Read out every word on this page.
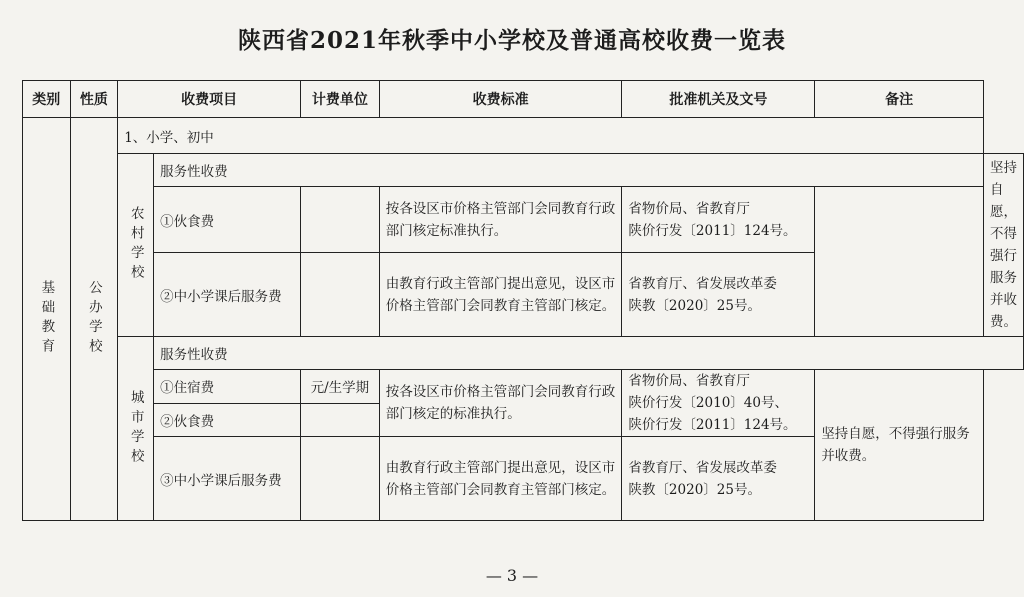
陕西省2021年秋季中小学校及普通高校收费一览表
类别	性质	收费项目		计费单位	收费标准	批准机关及文号	备注	
基础教育	公办学校	1、小学、初中						
		农村学校	服务性收费					坚持自愿，不得强行服务并收费。
			①伙食费		按各设区市价格主管部门会同教育行政部门核定标准执行。	省物价局、省教育厅
陕价行发〔2011〕124号。		
			②中小学课后服务费		由教育行政主管部门提出意见，设区市价格主管部门会同教育主管部门核定。	省教育厅、省发展改革委
陕教〔2020〕25号。		
		城市学校	服务性收费					
			①住宿费	元/生学期	按各设区市价格主管部门会同教育行政部门核定的标准执行。	省物价局、省教育厅
陕价行发〔2010〕40号、
陕价行发〔2011〕124号。	坚持自愿，不得强行服务并收费。	
			②伙食费					
			③中小学课后服务费		由教育行政主管部门提出意见，设区市价格主管部门会同教育主管部门核定。	省教育厅、省发展改革委
陕教〔2020〕25号。		
— 3 —
